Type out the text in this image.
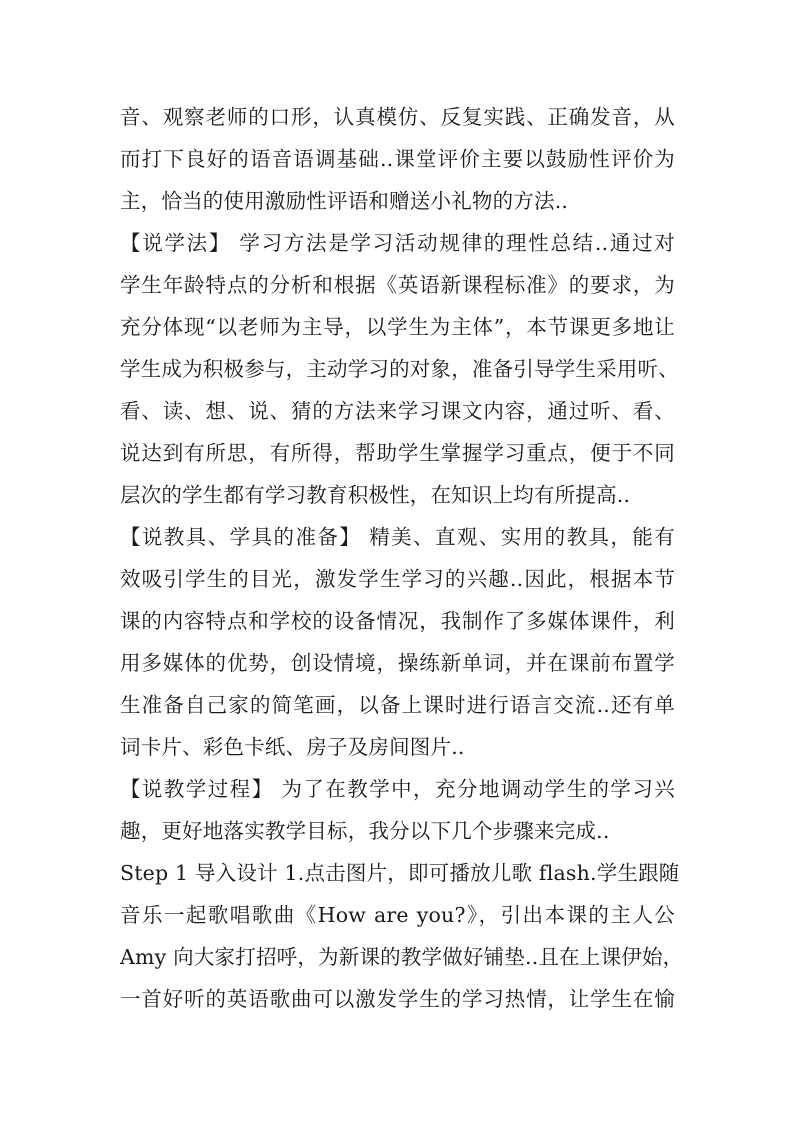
音、观察老师的口形，认真模仿、反复实践、正确发音，从
而打下良好的语音语调基础..课堂评价主要以鼓励性评价为
主，恰当的使用激励性评语和赠送小礼物的方法..
【说学法】 学习方法是学习活动规律的理性总结..通过对
学生年龄特点的分析和根据《英语新课程标准》的要求，为
充分体现“以老师为主导，以学生为主体”，本节课更多地让
学生成为积极参与，主动学习的对象，准备引导学生采用听、
看、读、想、说、猜的方法来学习课文内容，通过听、看、
说达到有所思，有所得，帮助学生掌握学习重点，便于不同
层次的学生都有学习教育积极性，在知识上均有所提高..
【说教具、学具的准备】 精美、直观、实用的教具，能有
效吸引学生的目光，激发学生学习的兴趣..因此，根据本节
课的内容特点和学校的设备情况，我制作了多媒体课件，利
用多媒体的优势，创设情境，操练新单词，并在课前布置学
生准备自己家的简笔画，以备上课时进行语言交流..还有单
词卡片、彩色卡纸、房子及房间图片..
【说教学过程】 为了在教学中，充分地调动学生的学习兴
趣，更好地落实教学目标，我分以下几个步骤来完成..
Step 1 导入设计 1.点击图片，即可播放儿歌 flash.学生跟随
音乐一起歌唱歌曲《How are you?》，引出本课的主人公
Amy 向大家打招呼，为新课的教学做好铺垫..且在上课伊始，
一首好听的英语歌曲可以激发学生的学习热情，让学生在愉
